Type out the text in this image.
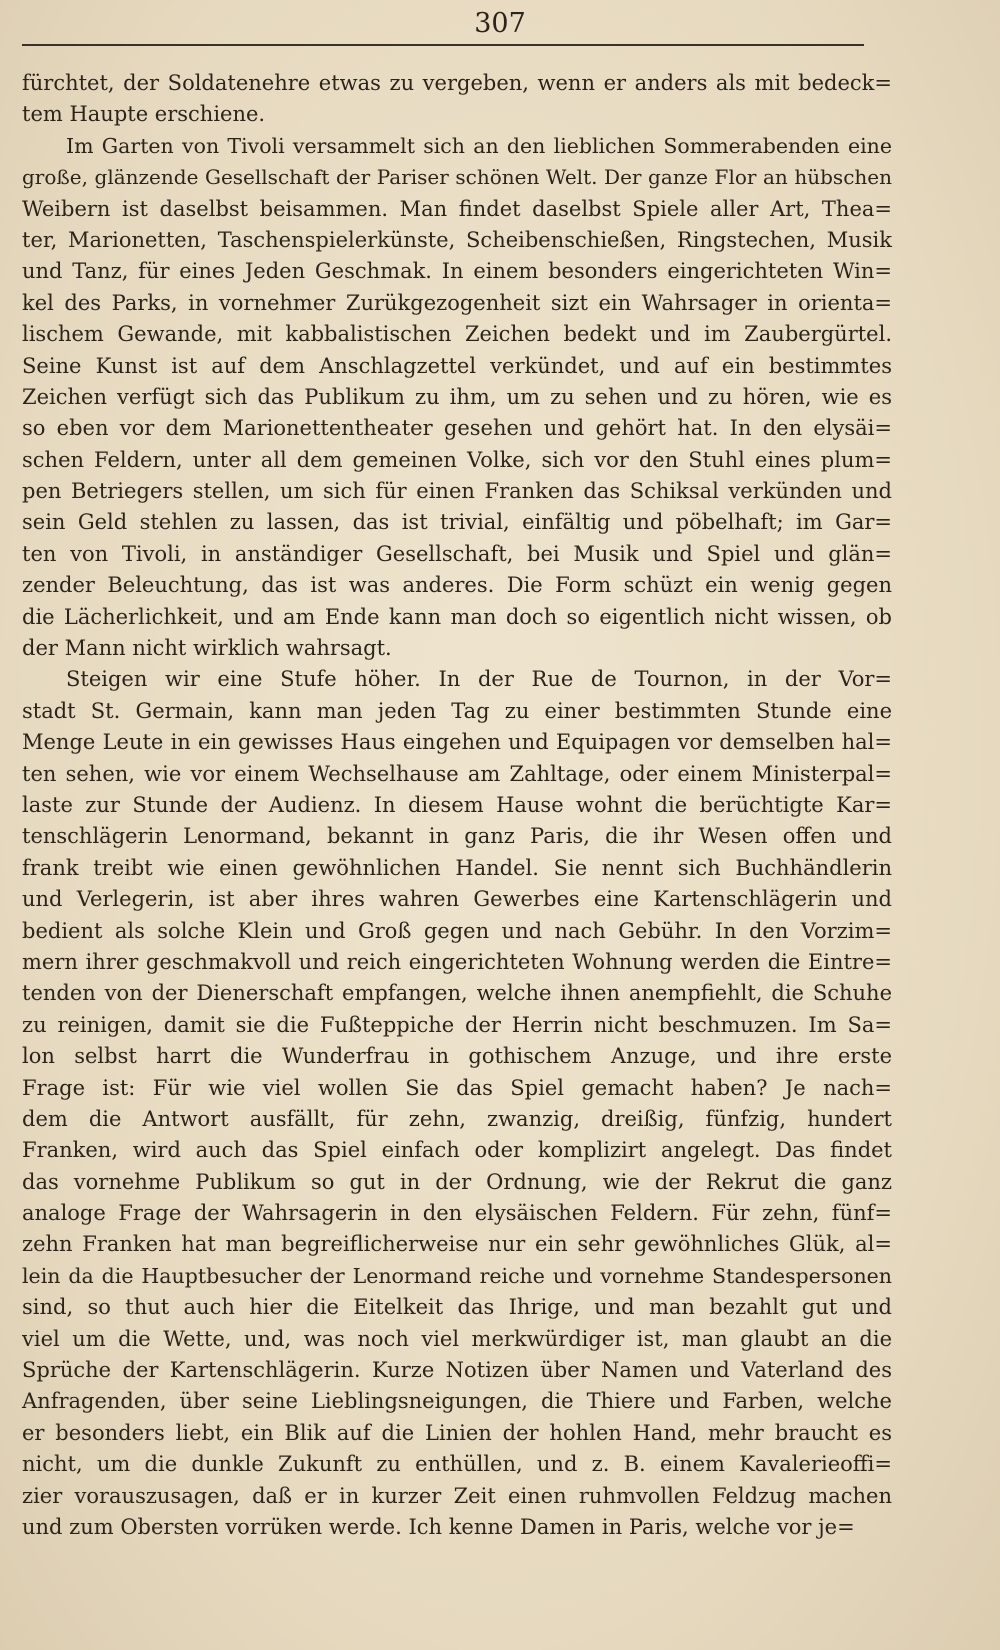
307
fürchtet, der Soldatenehre etwas zu vergeben, wenn er anders als mit bedeck=
tem Haupte erschiene.
Im Garten von Tivoli versammelt sich an den lieblichen Sommerabenden eine
große, glänzende Gesellschaft der Pariser schönen Welt. Der ganze Flor an hübschen
Weibern ist daselbst beisammen. Man findet daselbst Spiele aller Art, Thea=
ter, Marionetten, Taschenspielerkünste, Scheibenschießen, Ringstechen, Musik
und Tanz, für eines Jeden Geschmak. In einem besonders eingerichteten Win=
kel des Parks, in vornehmer Zurükgezogenheit sizt ein Wahrsager in orienta=
lischem Gewande, mit kabbalistischen Zeichen bedekt und im Zaubergürtel.
Seine Kunst ist auf dem Anschlagzettel verkündet, und auf ein bestimmtes
Zeichen verfügt sich das Publikum zu ihm, um zu sehen und zu hören, wie es
so eben vor dem Marionettentheater gesehen und gehört hat. In den elysäi=
schen Feldern, unter all dem gemeinen Volke, sich vor den Stuhl eines plum=
pen Betriegers stellen, um sich für einen Franken das Schiksal verkünden und
sein Geld stehlen zu lassen, das ist trivial, einfältig und pöbelhaft; im Gar=
ten von Tivoli, in anständiger Gesellschaft, bei Musik und Spiel und glän=
zender Beleuchtung, das ist was anderes. Die Form schüzt ein wenig gegen
die Lächerlichkeit, und am Ende kann man doch so eigentlich nicht wissen, ob
der Mann nicht wirklich wahrsagt.
Steigen wir eine Stufe höher. In der Rue de Tournon, in der Vor=
stadt St. Germain, kann man jeden Tag zu einer bestimmten Stunde eine
Menge Leute in ein gewisses Haus eingehen und Equipagen vor demselben hal=
ten sehen, wie vor einem Wechselhause am Zahltage, oder einem Ministerpal=
laste zur Stunde der Audienz. In diesem Hause wohnt die berüchtigte Kar=
tenschlägerin Lenormand, bekannt in ganz Paris, die ihr Wesen offen und
frank treibt wie einen gewöhnlichen Handel. Sie nennt sich Buchhändlerin
und Verlegerin, ist aber ihres wahren Gewerbes eine Kartenschlägerin und
bedient als solche Klein und Groß gegen und nach Gebühr. In den Vorzim=
mern ihrer geschmakvoll und reich eingerichteten Wohnung werden die Eintre=
tenden von der Dienerschaft empfangen, welche ihnen anempfiehlt, die Schuhe
zu reinigen, damit sie die Fußteppiche der Herrin nicht beschmuzen. Im Sa=
lon selbst harrt die Wunderfrau in gothischem Anzuge, und ihre erste
Frage ist: Für wie viel wollen Sie das Spiel gemacht haben? Je nach=
dem die Antwort ausfällt, für zehn, zwanzig, dreißig, fünfzig, hundert
Franken, wird auch das Spiel einfach oder komplizirt angelegt. Das findet
das vornehme Publikum so gut in der Ordnung, wie der Rekrut die ganz
analoge Frage der Wahrsagerin in den elysäischen Feldern. Für zehn, fünf=
zehn Franken hat man begreiflicherweise nur ein sehr gewöhnliches Glük, al=
lein da die Hauptbesucher der Lenormand reiche und vornehme Standespersonen
sind, so thut auch hier die Eitelkeit das Ihrige, und man bezahlt gut und
viel um die Wette, und, was noch viel merkwürdiger ist, man glaubt an die
Sprüche der Kartenschlägerin. Kurze Notizen über Namen und Vaterland des
Anfragenden, über seine Lieblingsneigungen, die Thiere und Farben, welche
er besonders liebt, ein Blik auf die Linien der hohlen Hand, mehr braucht es
nicht, um die dunkle Zukunft zu enthüllen, und z. B. einem Kavalerieoffi=
zier vorauszusagen, daß er in kurzer Zeit einen ruhmvollen Feldzug machen
und zum Obersten vorrüken werde. Ich kenne Damen in Paris, welche vor je=
